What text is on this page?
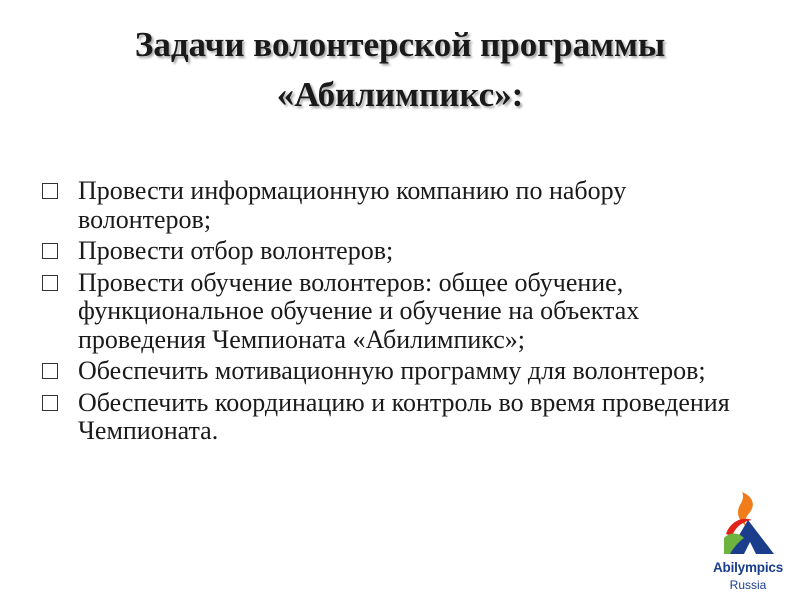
Задачи волонтерской программы
«Абилимпикс»:
Провести информационную компанию по набору волонтеров;
Провести отбор волонтеров;
Провести обучение волонтеров: общее обучение, функциональное обучение и обучение на объектах проведения Чемпионата «Абилимпикс»;
Обеспечить мотивационную программу для волонтеров;
Обеспечить координацию и контроль во время проведения Чемпионата.
Abilympics
Russia
